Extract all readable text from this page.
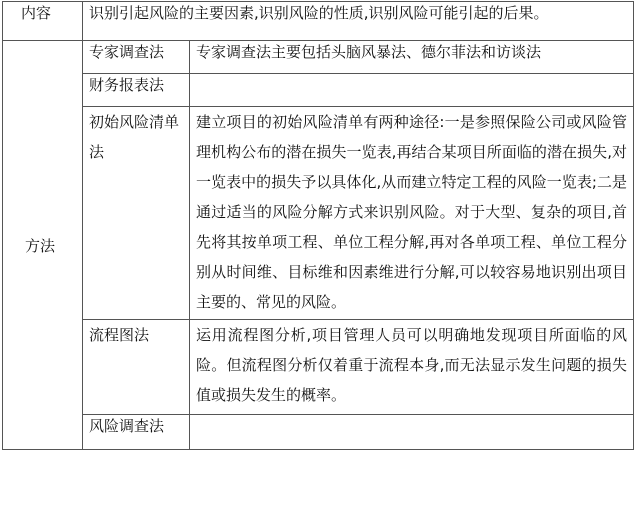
内容	识别引起风险的主要因素,识别风险的性质,识别风险可能引起的后果。	
方法	专家调查法	专家调查法主要包括头脑风暴法、德尔菲法和访谈法
	财务报表法	

	初始风险清单法	建立项目的初始风险清单有两种途径:一是参照保险公司或风险管理机构公布的潜在损失一览表,再结合某项目所面临的潜在损失,对一览表中的损失予以具体化,从而建立特定工程的风险一览表;二是通过适当的风险分解方式来识别风险。对于大型、复杂的项目,首先将其按单项工程、单位工程分解,再对各单项工程、单位工程分别从时间维、目标维和因素维进行分解,可以较容易地识别出项目主要的、常见的风险。

	流程图法	运用流程图分析,项目管理人员可以明确地发现项目所面临的风险。但流程图分析仅着重于流程本身,而无法显示发生问题的损失值或损失发生的概率。

	风险调查法	
